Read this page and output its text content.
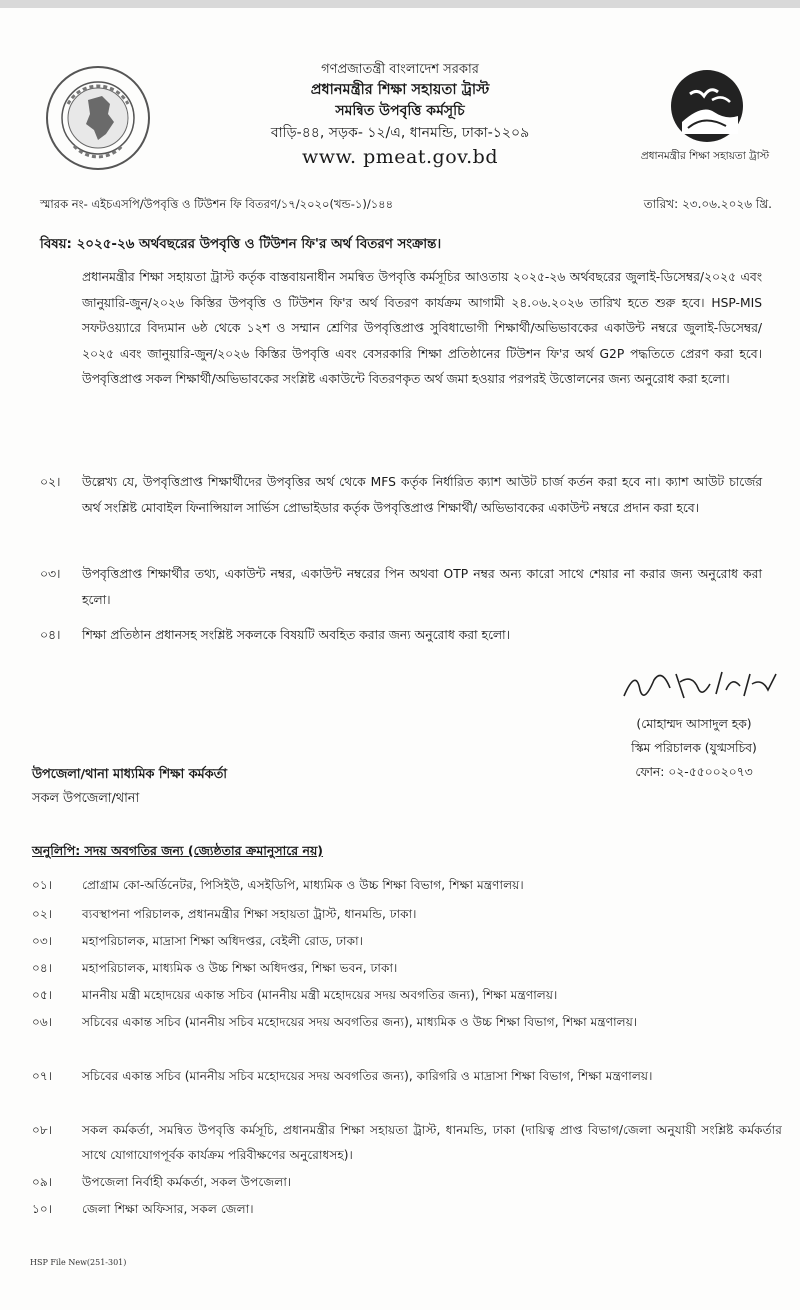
প্রধানমন্ত্রীর শিক্ষা সহায়তা ট্রাস্ট
গণপ্রজাতন্ত্রী বাংলাদেশ সরকার
প্রধানমন্ত্রীর শিক্ষা সহায়তা ট্রাস্ট
সমন্বিত উপবৃত্তি কর্মসূচি
বাড়ি-৪৪, সড়ক- ১২/এ, ধানমন্ডি, ঢাকা-১২০৯
www. pmeat.gov.bd
স্মারক নং- এইচএসপি/উপবৃত্তি ও টিউশন ফি বিতরণ/১৭/২০২০(খন্ড-১)/১৪৪	তারিখ: ২৩.০৬.২০২৬ খ্রি.
বিষয়: ২০২৫-২৬ অর্থবছরের উপবৃত্তি ও টিউশন ফি'র অর্থ বিতরণ সংক্রান্ত।
প্রধানমন্ত্রীর শিক্ষা সহায়তা ট্রাস্ট কর্তৃক বাস্তবায়নাধীন সমন্বিত উপবৃত্তি কর্মসূচির আওতায় ২০২৫-২৬ অর্থবছরের জুলাই-ডিসেম্বর/২০২৫ এবং জানুয়ারি-জুন/২০২৬ কিস্তির উপবৃত্তি ও টিউশন ফি'র অর্থ বিতরণ কার্যক্রম আগামী ২৪.০৬.২০২৬ তারিখ হতে শুরু হবে। HSP-MIS সফটওয়্যারে বিদ্যমান ৬ষ্ঠ থেকে ১২শ ও সম্মান শ্রেণির উপবৃত্তিপ্রাপ্ত সুবিধাভোগী শিক্ষার্থী/অভিভাবকের একাউন্ট নম্বরে জুলাই-ডিসেম্বর/২০২৫ এবং জানুয়ারি-জুন/২০২৬ কিস্তির উপবৃত্তি এবং বেসরকারি শিক্ষা প্রতিষ্ঠানের টিউশন ফি'র অর্থ G2P পদ্ধতিতে প্রেরণ করা হবে। উপবৃত্তিপ্রাপ্ত সকল শিক্ষার্থী/অভিভাবকের সংশ্লিষ্ট একাউন্টে বিতরণকৃত অর্থ জমা হওয়ার পরপরই উত্তোলনের জন্য অনুরোধ করা হলো।
০২।	উল্লেখ্য যে, উপবৃত্তিপ্রাপ্ত শিক্ষার্থীদের উপবৃত্তির অর্থ থেকে MFS কর্তৃক নির্ধারিত ক্যাশ আউট চার্জ কর্তন করা হবে না। ক্যাশ আউট চার্জের অর্থ সংশ্লিষ্ট মোবাইল ফিনান্সিয়াল সার্ভিস প্রোভাইডার কর্তৃক উপবৃত্তিপ্রাপ্ত শিক্ষার্থী/ অভিভাবকের একাউন্ট নম্বরে প্রদান করা হবে।
০৩।	উপবৃত্তিপ্রাপ্ত শিক্ষার্থীর তথ্য, একাউন্ট নম্বর, একাউন্ট নম্বরের পিন অথবা OTP নম্বর অন্য কারো সাথে শেয়ার না করার জন্য অনুরোধ করা হলো।
০৪।	শিক্ষা প্রতিষ্ঠান প্রধানসহ সংশ্লিষ্ট সকলকে বিষয়টি অবহিত করার জন্য অনুরোধ করা হলো।
(মোহাম্মদ আসাদুল হক)
স্কিম পরিচালক (যুগ্মসচিব)
ফোন: ০২-৫৫০০২০৭৩
উপজেলা/থানা মাধ্যমিক শিক্ষা কর্মকর্তা
সকল উপজেলা/থানা
অনুলিপি: সদয় অবগতির জন্য (জ্যেষ্ঠতার ক্রমানুসারে নয়)
০১।	প্রোগ্রাম কো-অর্ডিনেটর, পিসিইউ, এসইডিপি, মাধ্যমিক ও উচ্চ শিক্ষা বিভাগ, শিক্ষা মন্ত্রণালয়।
০২।	ব্যবস্থাপনা পরিচালক, প্রধানমন্ত্রীর শিক্ষা সহায়তা ট্রাস্ট, ধানমন্ডি, ঢাকা।
০৩।	মহাপরিচালক, মাদ্রাসা শিক্ষা অধিদপ্তর, বেইলী রোড, ঢাকা।
০৪।	মহাপরিচালক, মাধ্যমিক ও উচ্চ শিক্ষা অধিদপ্তর, শিক্ষা ভবন, ঢাকা।
০৫।	মাননীয় মন্ত্রী মহোদয়ের একান্ত সচিব (মাননীয় মন্ত্রী মহোদয়ের সদয় অবগতির জন্য), শিক্ষা মন্ত্রণালয়।
০৬।	সচিবের একান্ত সচিব (মাননীয় সচিব মহোদয়ের সদয় অবগতির জন্য), মাধ্যমিক ও উচ্চ শিক্ষা বিভাগ, শিক্ষা মন্ত্রণালয়।
০৭।	সচিবের একান্ত সচিব (মাননীয় সচিব মহোদয়ের সদয় অবগতির জন্য), কারিগরি ও মাদ্রাসা শিক্ষা বিভাগ, শিক্ষা মন্ত্রণালয়।
০৮।	সকল কর্মকর্তা, সমন্বিত উপবৃত্তি কর্মসূচি, প্রধানমন্ত্রীর শিক্ষা সহায়তা ট্রাস্ট, ধানমন্ডি, ঢাকা (দায়িত্ব প্রাপ্ত বিভাগ/জেলা অনুযায়ী সংশ্লিষ্ট কর্মকর্তার সাথে যোগাযোগপূর্বক কার্যক্রম পরিবীক্ষণের অনুরোধসহ)।
০৯।	উপজেলা নির্বাহী কর্মকর্তা, সকল উপজেলা।
১০।	জেলা শিক্ষা অফিসার, সকল জেলা।
HSP File New(251-301)
